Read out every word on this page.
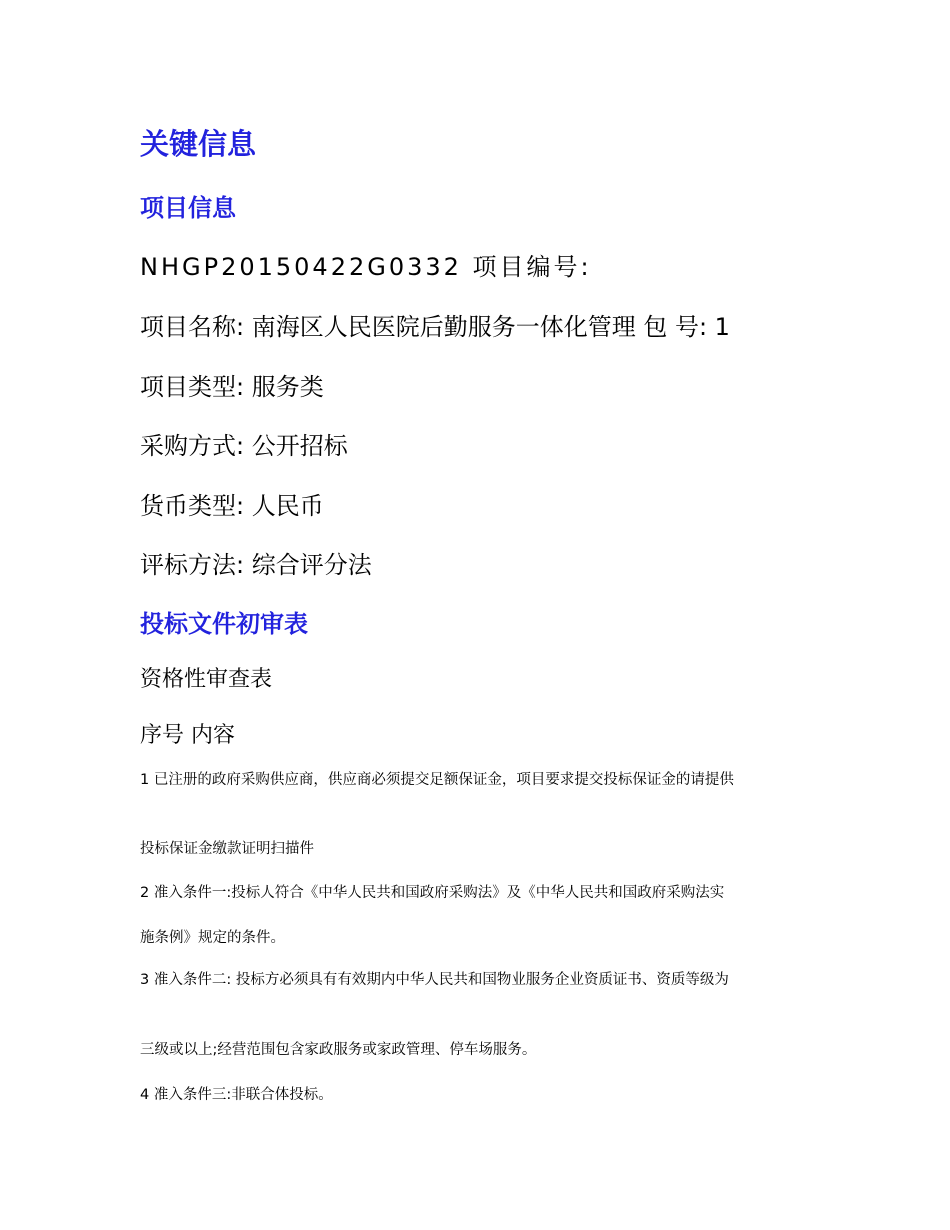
关键信息
项目信息

NHGP20150422G0332 项目编号:

项目名称: 南海区人民医院后勤服务一体化管理 包 号: 1

项目类型: 服务类

采购方式: 公开招标

货币类型: 人民币

评标方法: 综合评分法

投标文件初审表

资格性审查表

序号 内容

1 已注册的政府采购供应商，供应商必须提交足额保证金，项目要求提交投标保证金的请提供

投标保证金缴款证明扫描件

2 准入条件一:投标人符合《中华人民共和国政府采购法》及《中华人民共和国政府采购法实

施条例》规定的条件。

3 准入条件二: 投标方必须具有有效期内中华人民共和国物业服务企业资质证书、资质等级为

三级或以上;经营范围包含家政服务或家政管理、停车场服务。

4 准入条件三:非联合体投标。
